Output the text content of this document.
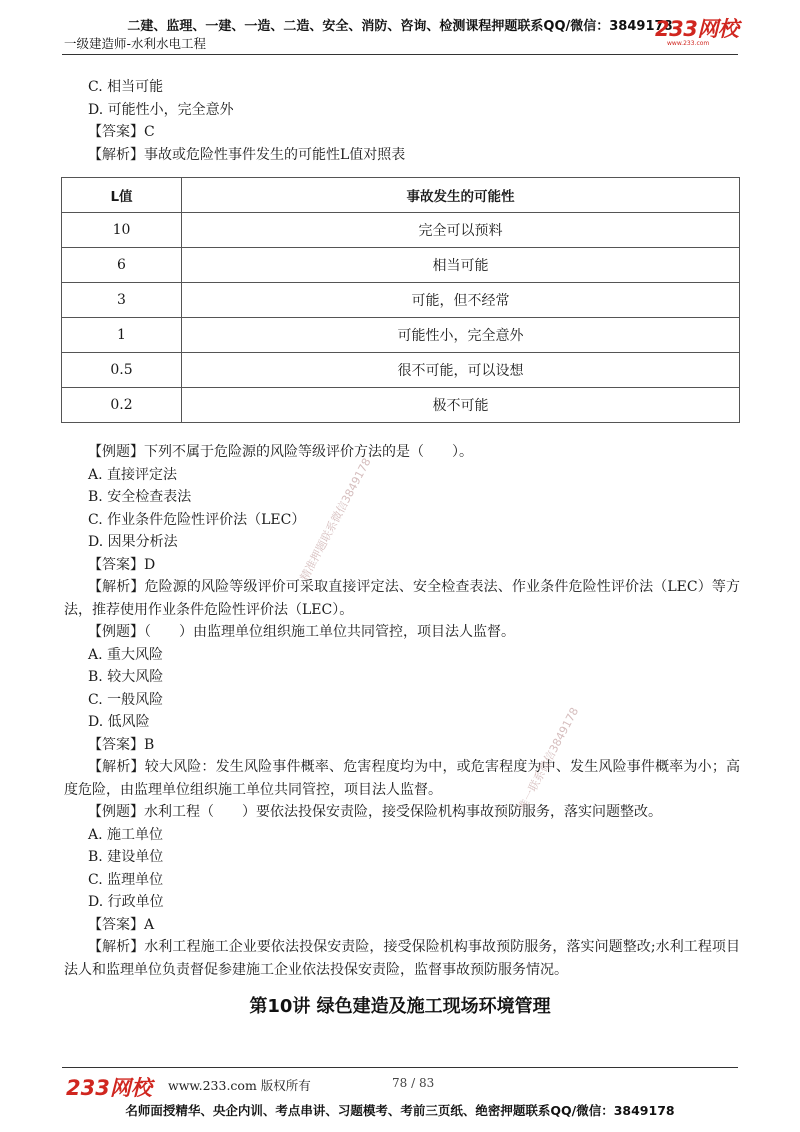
二建、监理、一建、一造、二造、安全、消防、咨询、检测课程押题联系QQ/微信：3849178
一级建造师-水利水电工程
233网校
www.233.com

C. 相当可能

D. 可能性小，完全意外

【答案】C

【解析】事故或危险性事件发生的可能性L值对照表

L值	事故发生的可能性
10	完全可以预料
6	相当可能
3	可能，但不经常
1	可能性小，完全意外
0.5	很不可能，可以设想
0.2	极不可能

【例题】下列不属于危险源的风险等级评价方法的是（　　）。

A. 直接评定法

B. 安全检查表法

C. 作业条件危险性评价法（LEC）

D. 因果分析法

【答案】D

【解析】危险源的风险等级评价可采取直接评定法、安全检查表法、作业条件危险性评价法（LEC）等方法，推荐使用作业条件危险性评价法（LEC）。

【例题】（　　）由监理单位组织施工单位共同管控，项目法人监督。

A. 重大风险

B. 较大风险

C. 一般风险

D. 低风险

【答案】B

【解析】较大风险：发生风险事件概率、危害程度均为中，或危害程度为中、发生风险事件概率为小；高度危险，由监理单位组织施工单位共同管控，项目法人监督。

【例题】水利工程（　　）要依法投保安责险，接受保险机构事故预防服务，落实问题整改。

A. 施工单位

B. 建设单位

C. 监理单位

D. 行政单位

【答案】A

【解析】水利工程施工企业要依法投保安责险，接受保险机构事故预防服务，落实问题整改;水利工程项目法人和监理单位负责督促参建施工企业依法投保安责险，监督事故预防服务情况。

第10讲 绿色建造及施工现场环境管理
精准押题联系微信3849178
唯一联系微信3849178
233网校 www.233.com 版权所有	78 / 83
名师面授精华、央企内训、考点串讲、习题模考、考前三页纸、绝密押题联系QQ/微信：3849178
